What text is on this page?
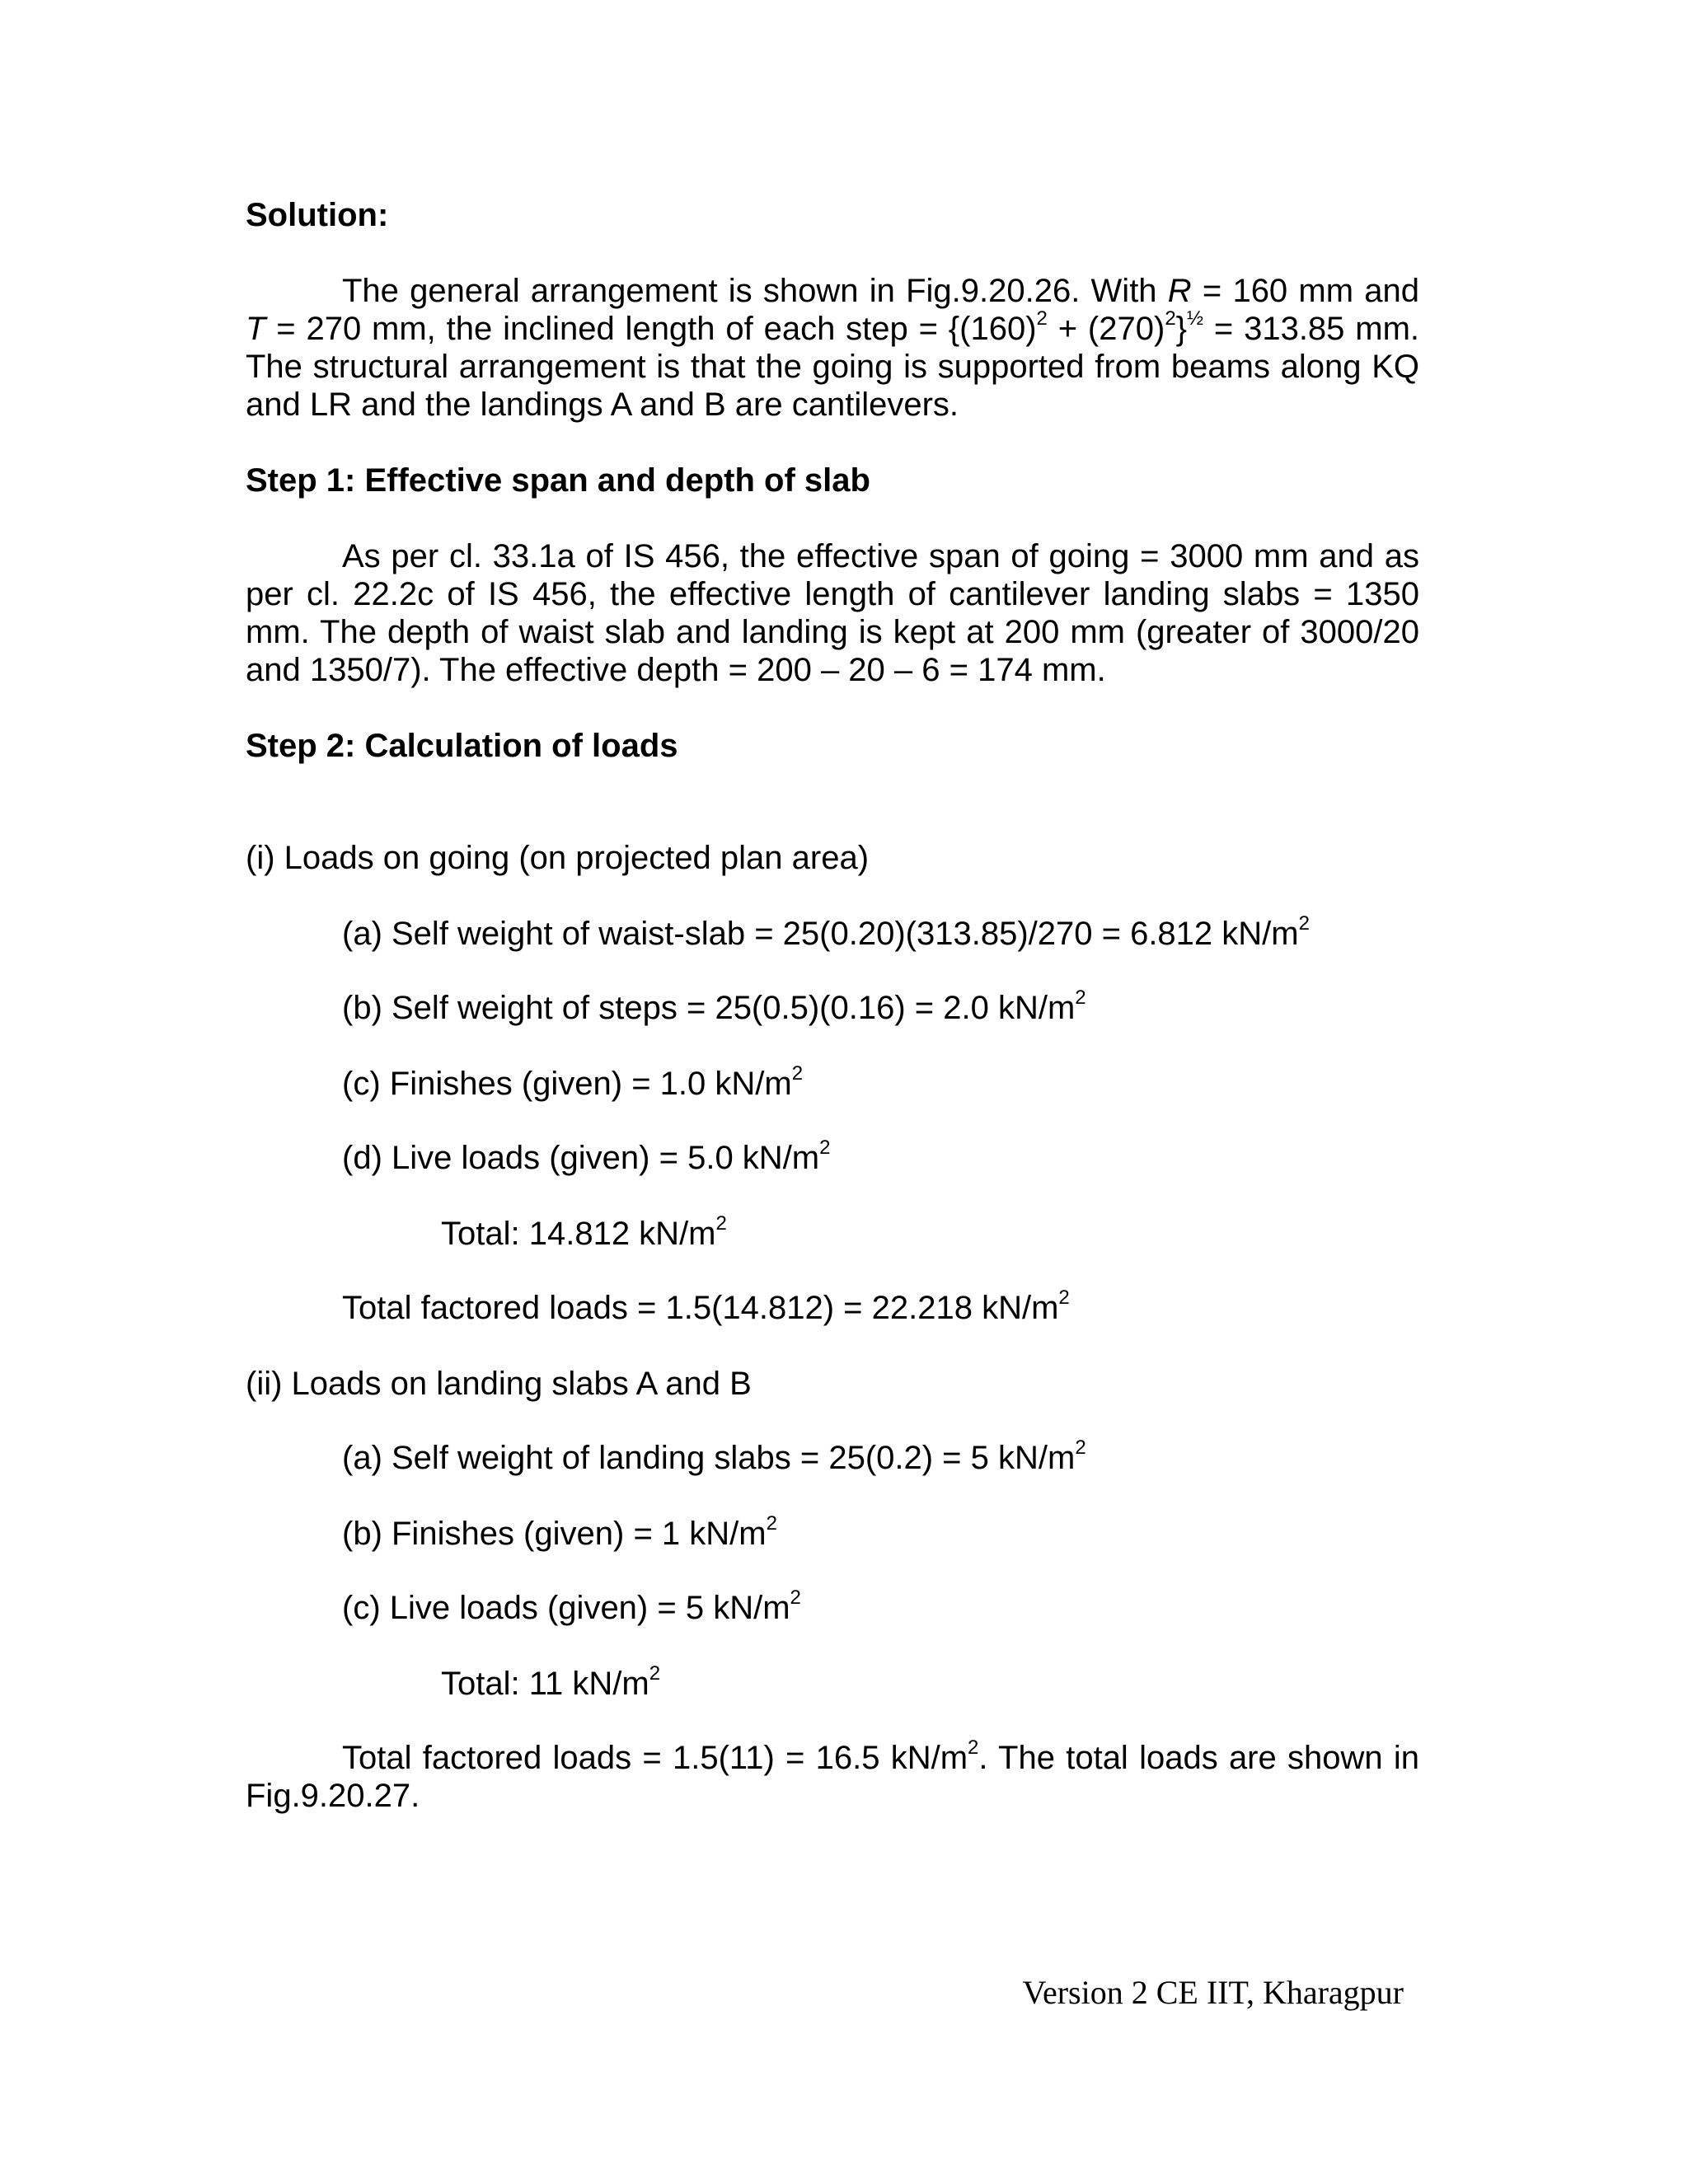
Solution:

The general arrangement is shown in Fig.9.20.26. With R = 160 mm and T = 270 mm, the inclined length of each step = $\{(160)^2 + (270)^2\}^{\frac{1}{2}} = 313.85$ mm. The structural arrangement is that the going is supported from beams along KQ and LR and the landings A and B are cantilevers.

Step 1: Effective span and depth of slab

As per cl. 33.1a of IS 456, the effective span of going = 3000 mm and as per cl. 22.2c of IS 456, the effective length of cantilever landing slabs = 1350 mm. The depth of waist slab and landing is kept at 200 mm (greater of 3000/20 and 1350/7). The effective depth = 200 – 20 – 6 = 174 mm.

Step 2: Calculation of loads

(i) Loads on going (on projected plan area)

(a) Self weight of waist-slab = 25(0.20)(313.85)/270 = 6.812 $kN/m^2$

(b) Self weight of steps = 25(0.5)(0.16) = 2.0 $kN/m^2$

(c) Finishes (given) = 1.0 $kN/m^2$

(d) Live loads (given) = 5.0 $kN/m^2$

Total: 14.812 $kN/m^2$

Total factored loads = 1.5(14.812) = 22.218 $kN/m^2$

(ii) Loads on landing slabs A and B

(a) Self weight of landing slabs = 25(0.2) = 5 $kN/m^2$

(b) Finishes (given) = 1 $kN/m^2$

(c) Live loads (given) = 5 $kN/m^2$

Total: 11 $kN/m^2$

Total factored loads = 1.5(11) = 16.5 $kN/m^2$. The total loads are shown in Fig.9.20.27.

Version 2 CE IIT, Kharagpur
